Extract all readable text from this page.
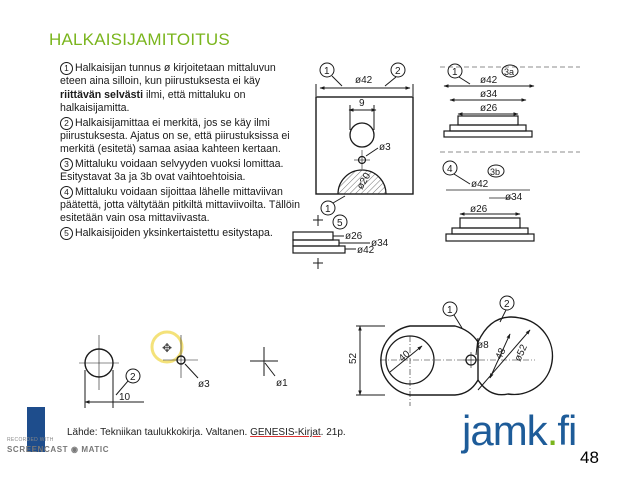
HALKAISIJAMITOITUS
1 Halkaisijan tunnus ø kirjoitetaan mittaluvun eteen aina silloin, kun piirustuksesta ei käy riittävän selvästi ilmi, että mittaluku on halkaisijamitta.
2 Halkaisijamittaa ei merkitä, jos se käy ilmi piirustuksesta. Ajatus on se, että piirustuksissa ei merkitä (esitetä) samaa asiaa kahteen kertaan.
3 Mittaluku voidaan selvyyden vuoksi lomittaa. Esitystavat 3a ja 3b ovat vaihtoehtoisia.
4 Mittaluku voidaan sijoittaa lähelle mittaviivan päätettä, jotta vältytään pitkiltä mittaviivoilta. Tällöin esitetään vain osa mittaviivasta.
5 Halkaisijoiden yksinkertaistettu esitystapa.
1	2
ø42
9
ø3
ø20
1
1	3a
ø42
ø34
ø26
4	3b
ø42
ø34
ø26
5
ø26
ø34
ø42
2
10
✥
ø3	ø1
52	40
ø8
48 ø52
1
2
Lähde: Tekniikan taulukkokirja. Valtanen. GENESIS-Kirjat. 21p.	jamk.fi
48
RECORDED WITH
SCREENCAST ◉ MATIC
